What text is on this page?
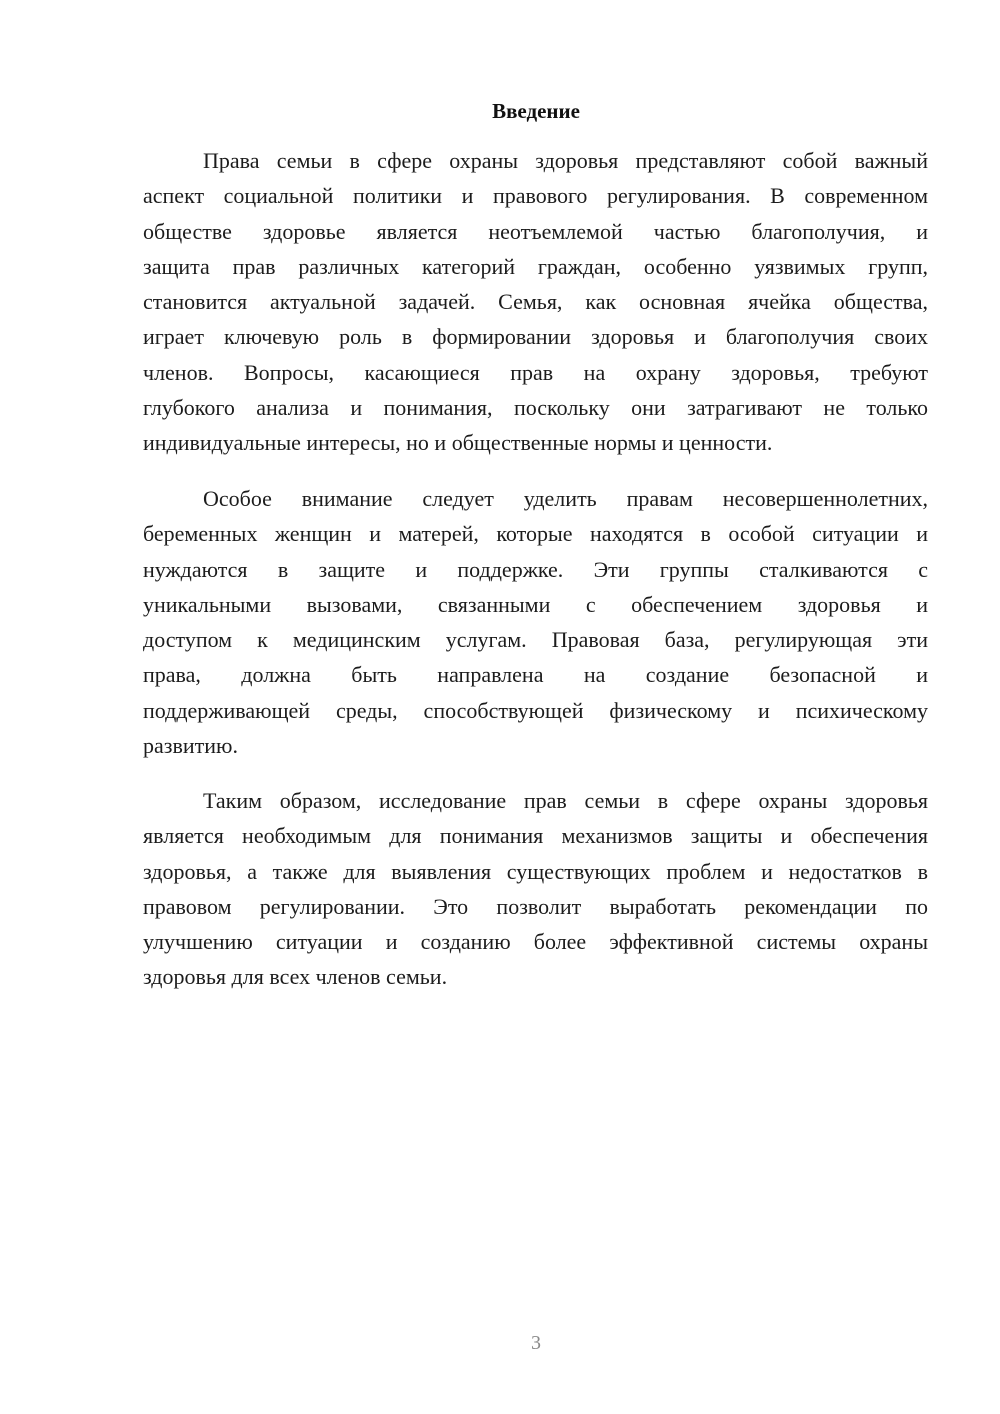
Введение
Права семьи в сфере охраны здоровья представляют собой важный
аспект социальной политики и правового регулирования. В современном
обществе здоровье является неотъемлемой частью благополучия, и
защита прав различных категорий граждан, особенно уязвимых групп,
становится актуальной задачей. Семья, как основная ячейка общества,
играет ключевую роль в формировании здоровья и благополучия своих
членов. Вопросы, касающиеся прав на охрану здоровья, требуют
глубокого анализа и понимания, поскольку они затрагивают не только
индивидуальные интересы, но и общественные нормы и ценности.
Особое внимание следует уделить правам несовершеннолетних,
беременных женщин и матерей, которые находятся в особой ситуации и
нуждаются в защите и поддержке. Эти группы сталкиваются с
уникальными вызовами, связанными с обеспечением здоровья и
доступом к медицинским услугам. Правовая база, регулирующая эти
права, должна быть направлена на создание безопасной и
поддерживающей среды, способствующей физическому и психическому
развитию.
Таким образом, исследование прав семьи в сфере охраны здоровья
является необходимым для понимания механизмов защиты и обеспечения
здоровья, а также для выявления существующих проблем и недостатков в
правовом регулировании. Это позволит выработать рекомендации по
улучшению ситуации и созданию более эффективной системы охраны
здоровья для всех членов семьи.
3
